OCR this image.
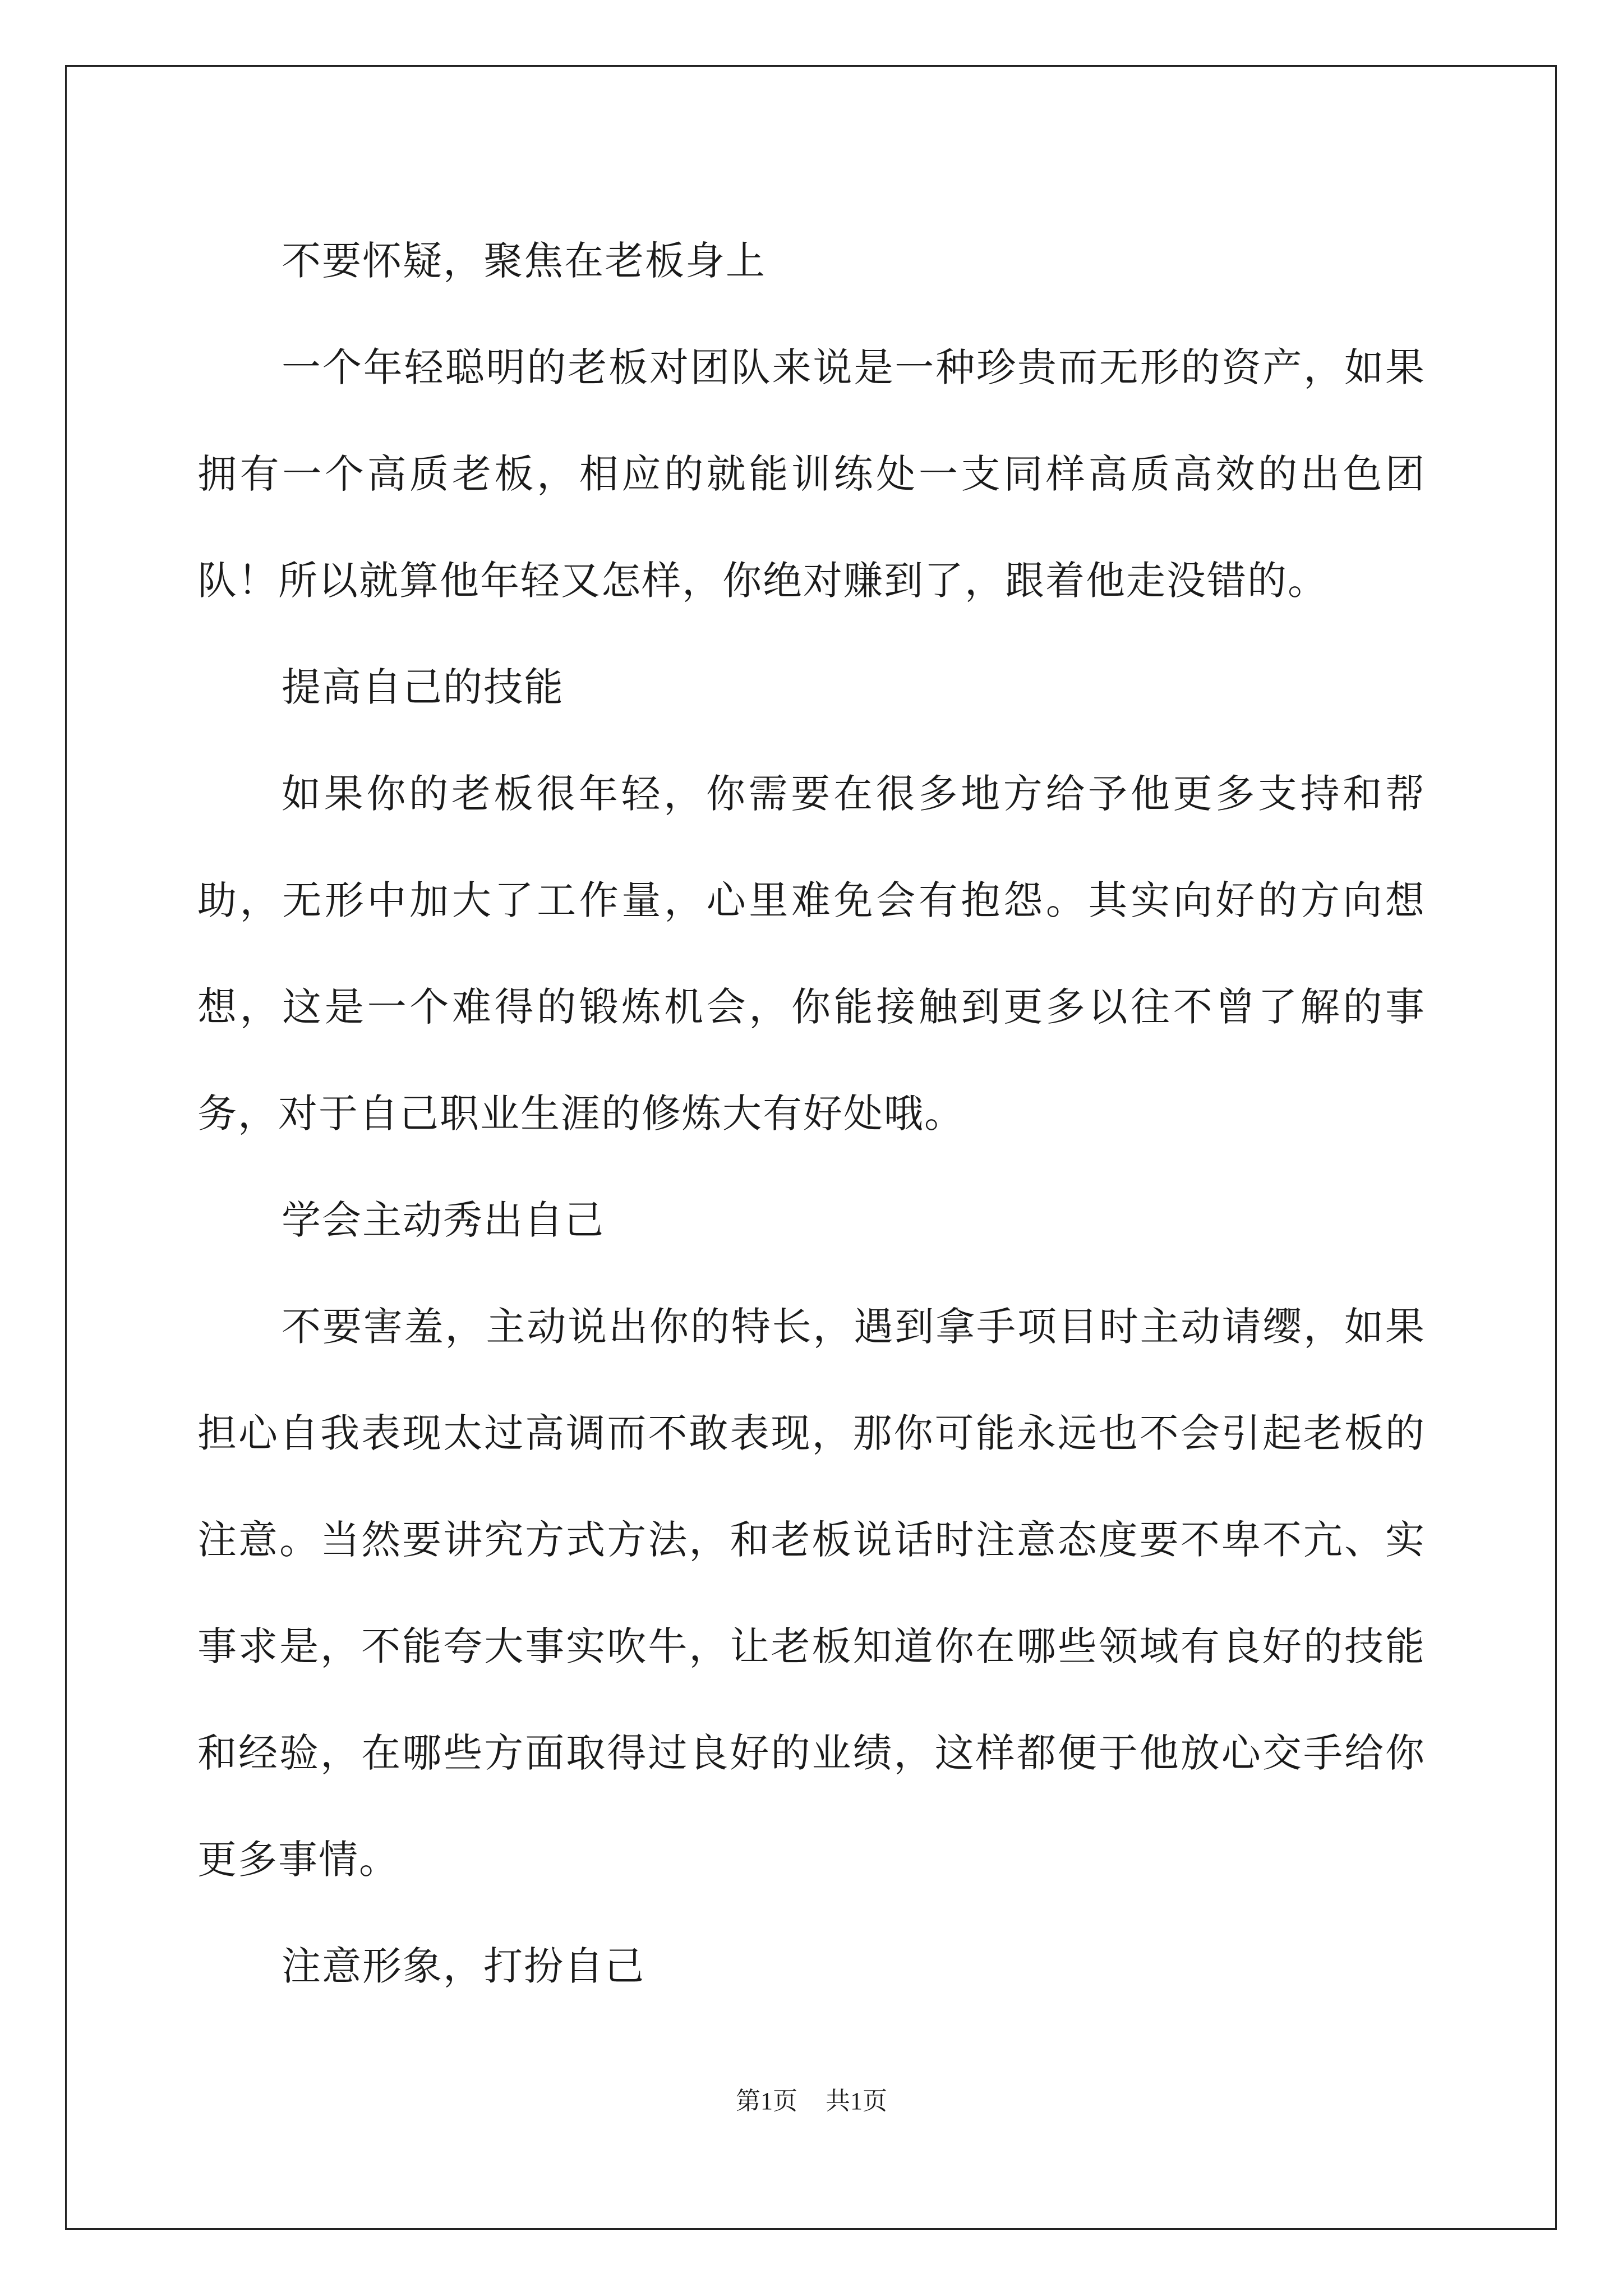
不要怀疑，聚焦在老板身上

一个年轻聪明的老板对团队来说是一种珍贵而无形的资产，如果拥有一个高质老板，相应的就能训练处一支同样高质高效的出色团队！所以就算他年轻又怎样，你绝对赚到了，跟着他走没错的。

提高自己的技能

如果你的老板很年轻，你需要在很多地方给予他更多支持和帮助，无形中加大了工作量，心里难免会有抱怨。其实向好的方向想想，这是一个难得的锻炼机会，你能接触到更多以往不曾了解的事务，对于自己职业生涯的修炼大有好处哦。

学会主动秀出自己

不要害羞，主动说出你的特长，遇到拿手项目时主动请缨，如果担心自我表现太过高调而不敢表现，那你可能永远也不会引起老板的注意。当然要讲究方式方法，和老板说话时注意态度要不卑不亢、实事求是，不能夸大事实吹牛，让老板知道你在哪些领域有良好的技能和经验，在哪些方面取得过良好的业绩，这样都便于他放心交手给你更多事情。

注意形象，打扮自己

第1页 共1页
